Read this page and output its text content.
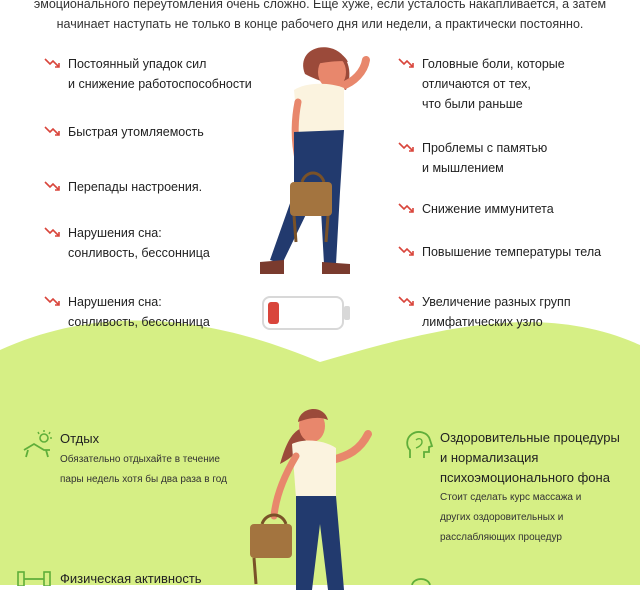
эмоционального переутомления очень сложно. Еще хуже, если усталость накапливается, а затем
начинает наступать не только в конце рабочего дня или недели, а практически постоянно.
Постоянный упадок сил
и снижение работоспособности
Быстрая утомляемость
Перепады настроения.
Нарушения сна:
сонливость, бессонница
Нарушения сна:
сонливость, бессонница
Головные боли, которые
отличаются от тех,
что были раньше
Проблемы с памятью
и мышлением
Снижение иммунитета
Повышение температуры тела
Увеличение разных групп
лимфатических узло
Отдых
Обязательно отдыхайте в течение
пары недель хотя бы два раза в год
Физическая активность
Оздоровительные процедуры
и нормализация
психоэмоционального фона
Стоит сделать курс массажа и
других оздоровительных и
расслабляющих процедур
